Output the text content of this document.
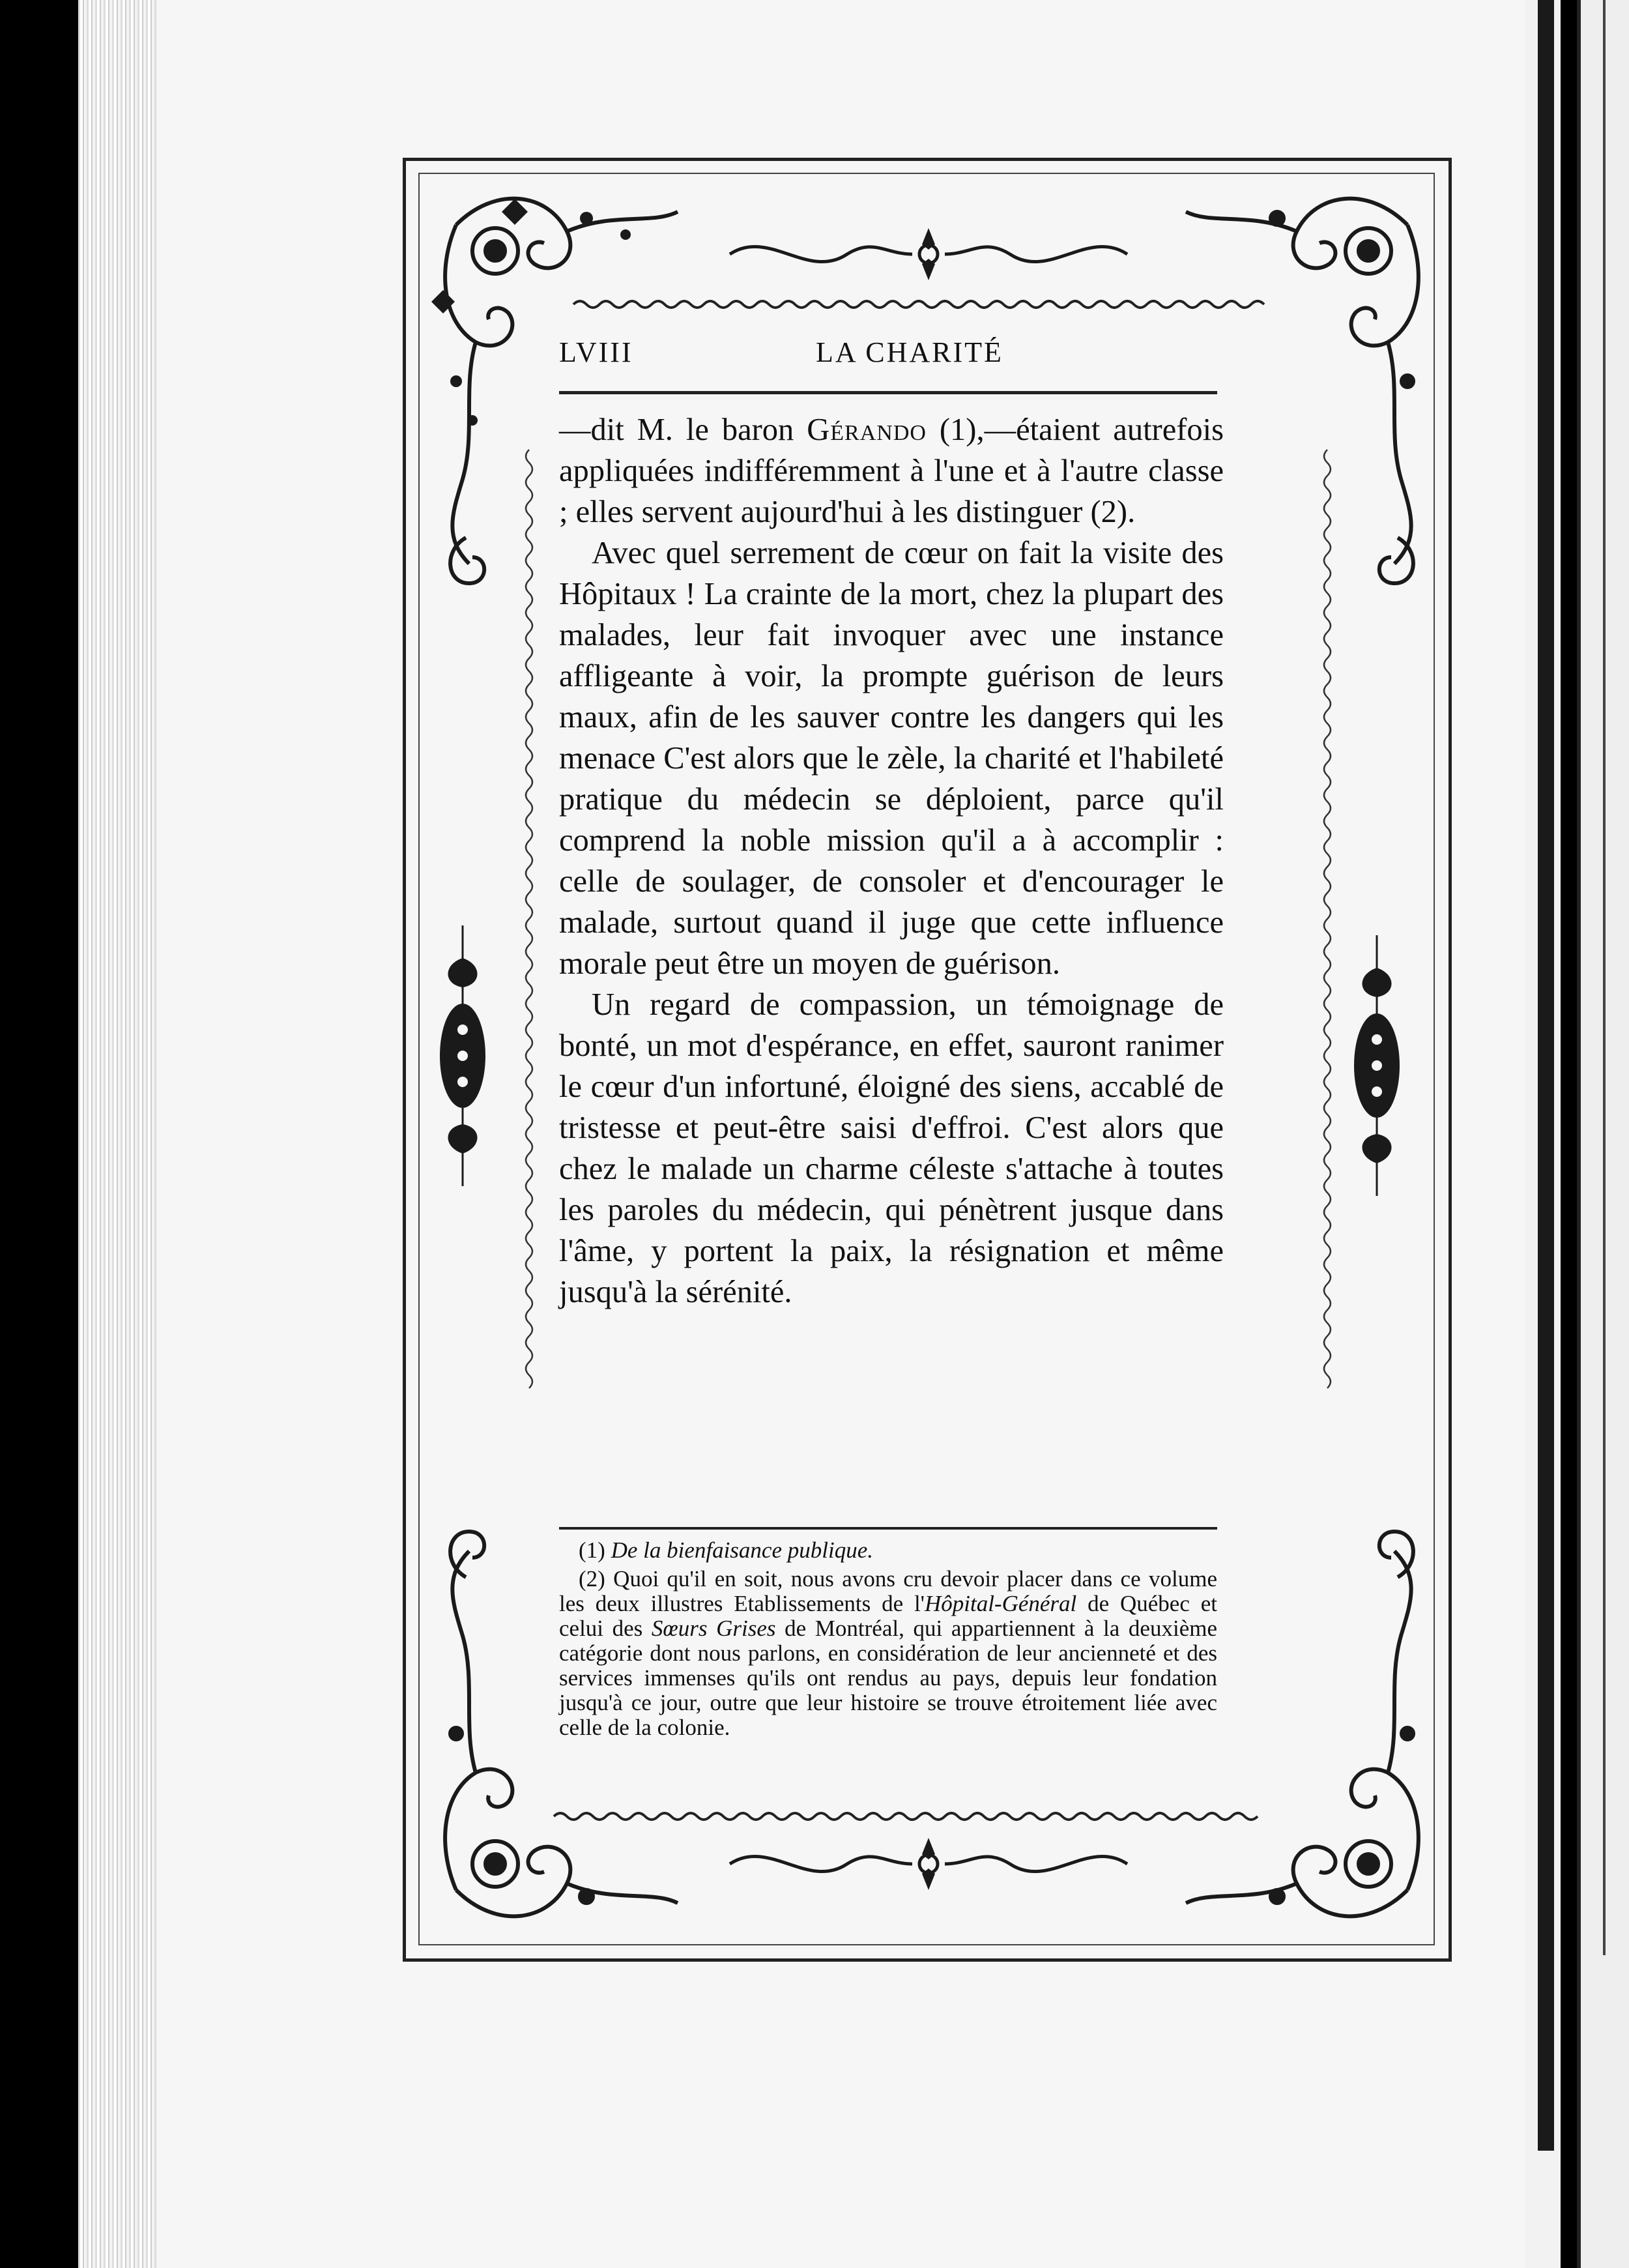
LVIII	LA CHARITÉ

—dit M. le baron Gérando (1),—étaient autrefois appliquées indifféremment à l'une et à l'autre classe ; elles servent aujourd'hui à les distinguer (2).

Avec quel serrement de cœur on fait la visite des Hôpitaux ! La crainte de la mort, chez la plupart des malades, leur fait invoquer avec une instance affligeante à voir, la prompte guérison de leurs maux, afin de les sauver contre les dangers qui les menace C'est alors que le zèle, la charité et l'habileté pratique du médecin se déploient, parce qu'il comprend la noble mission qu'il a à accomplir : celle de soulager, de consoler et d'encourager le malade, surtout quand il juge que cette influence morale peut être un moyen de guérison.

Un regard de compassion, un témoignage de bonté, un mot d'espérance, en effet, sauront ranimer le cœur d'un infortuné, éloigné des siens, accablé de tristesse et peut-être saisi d'effroi. C'est alors que chez le malade un charme céleste s'attache à toutes les paroles du médecin, qui pénètrent jusque dans l'âme, y portent la paix, la résignation et même jusqu'à la sérénité.

(1) De la bienfaisance publique.

(2) Quoi qu'il en soit, nous avons cru devoir placer dans ce volume les deux illustres Etablissements de l'Hôpital-Général de Québec et celui des Sœurs Grises de Montréal, qui appartiennent à la deuxième catégorie dont nous parlons, en considération de leur ancienneté et des services immenses qu'ils ont rendus au pays, depuis leur fondation jusqu'à ce jour, outre que leur histoire se trouve étroitement liée avec celle de la colonie.
